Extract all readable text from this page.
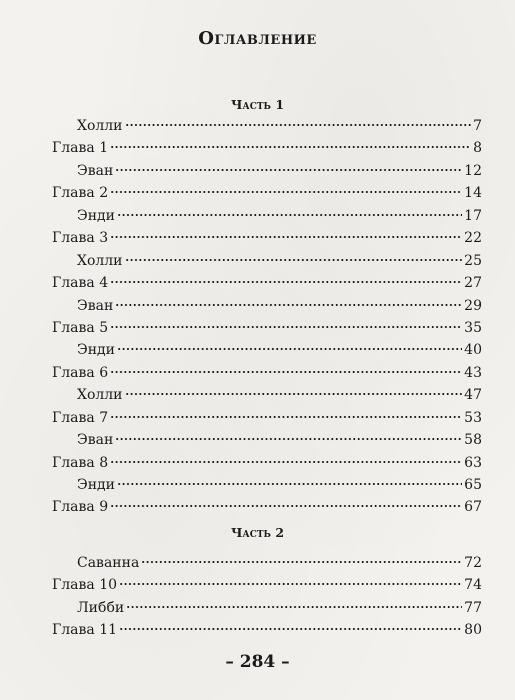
Оглавление
Часть 1
Холли	7
Глава 1	8
Эван	12
Глава 2	14
Энди	17
Глава 3	22
Холли	25
Глава 4	27
Эван	29
Глава 5	35
Энди	40
Глава 6	43
Холли	47
Глава 7	53
Эван	58
Глава 8	63
Энди	65
Глава 9	67
Часть 2
Саванна	72
Глава 10	74
Либби	77
Глава 11	80
– 284 –
